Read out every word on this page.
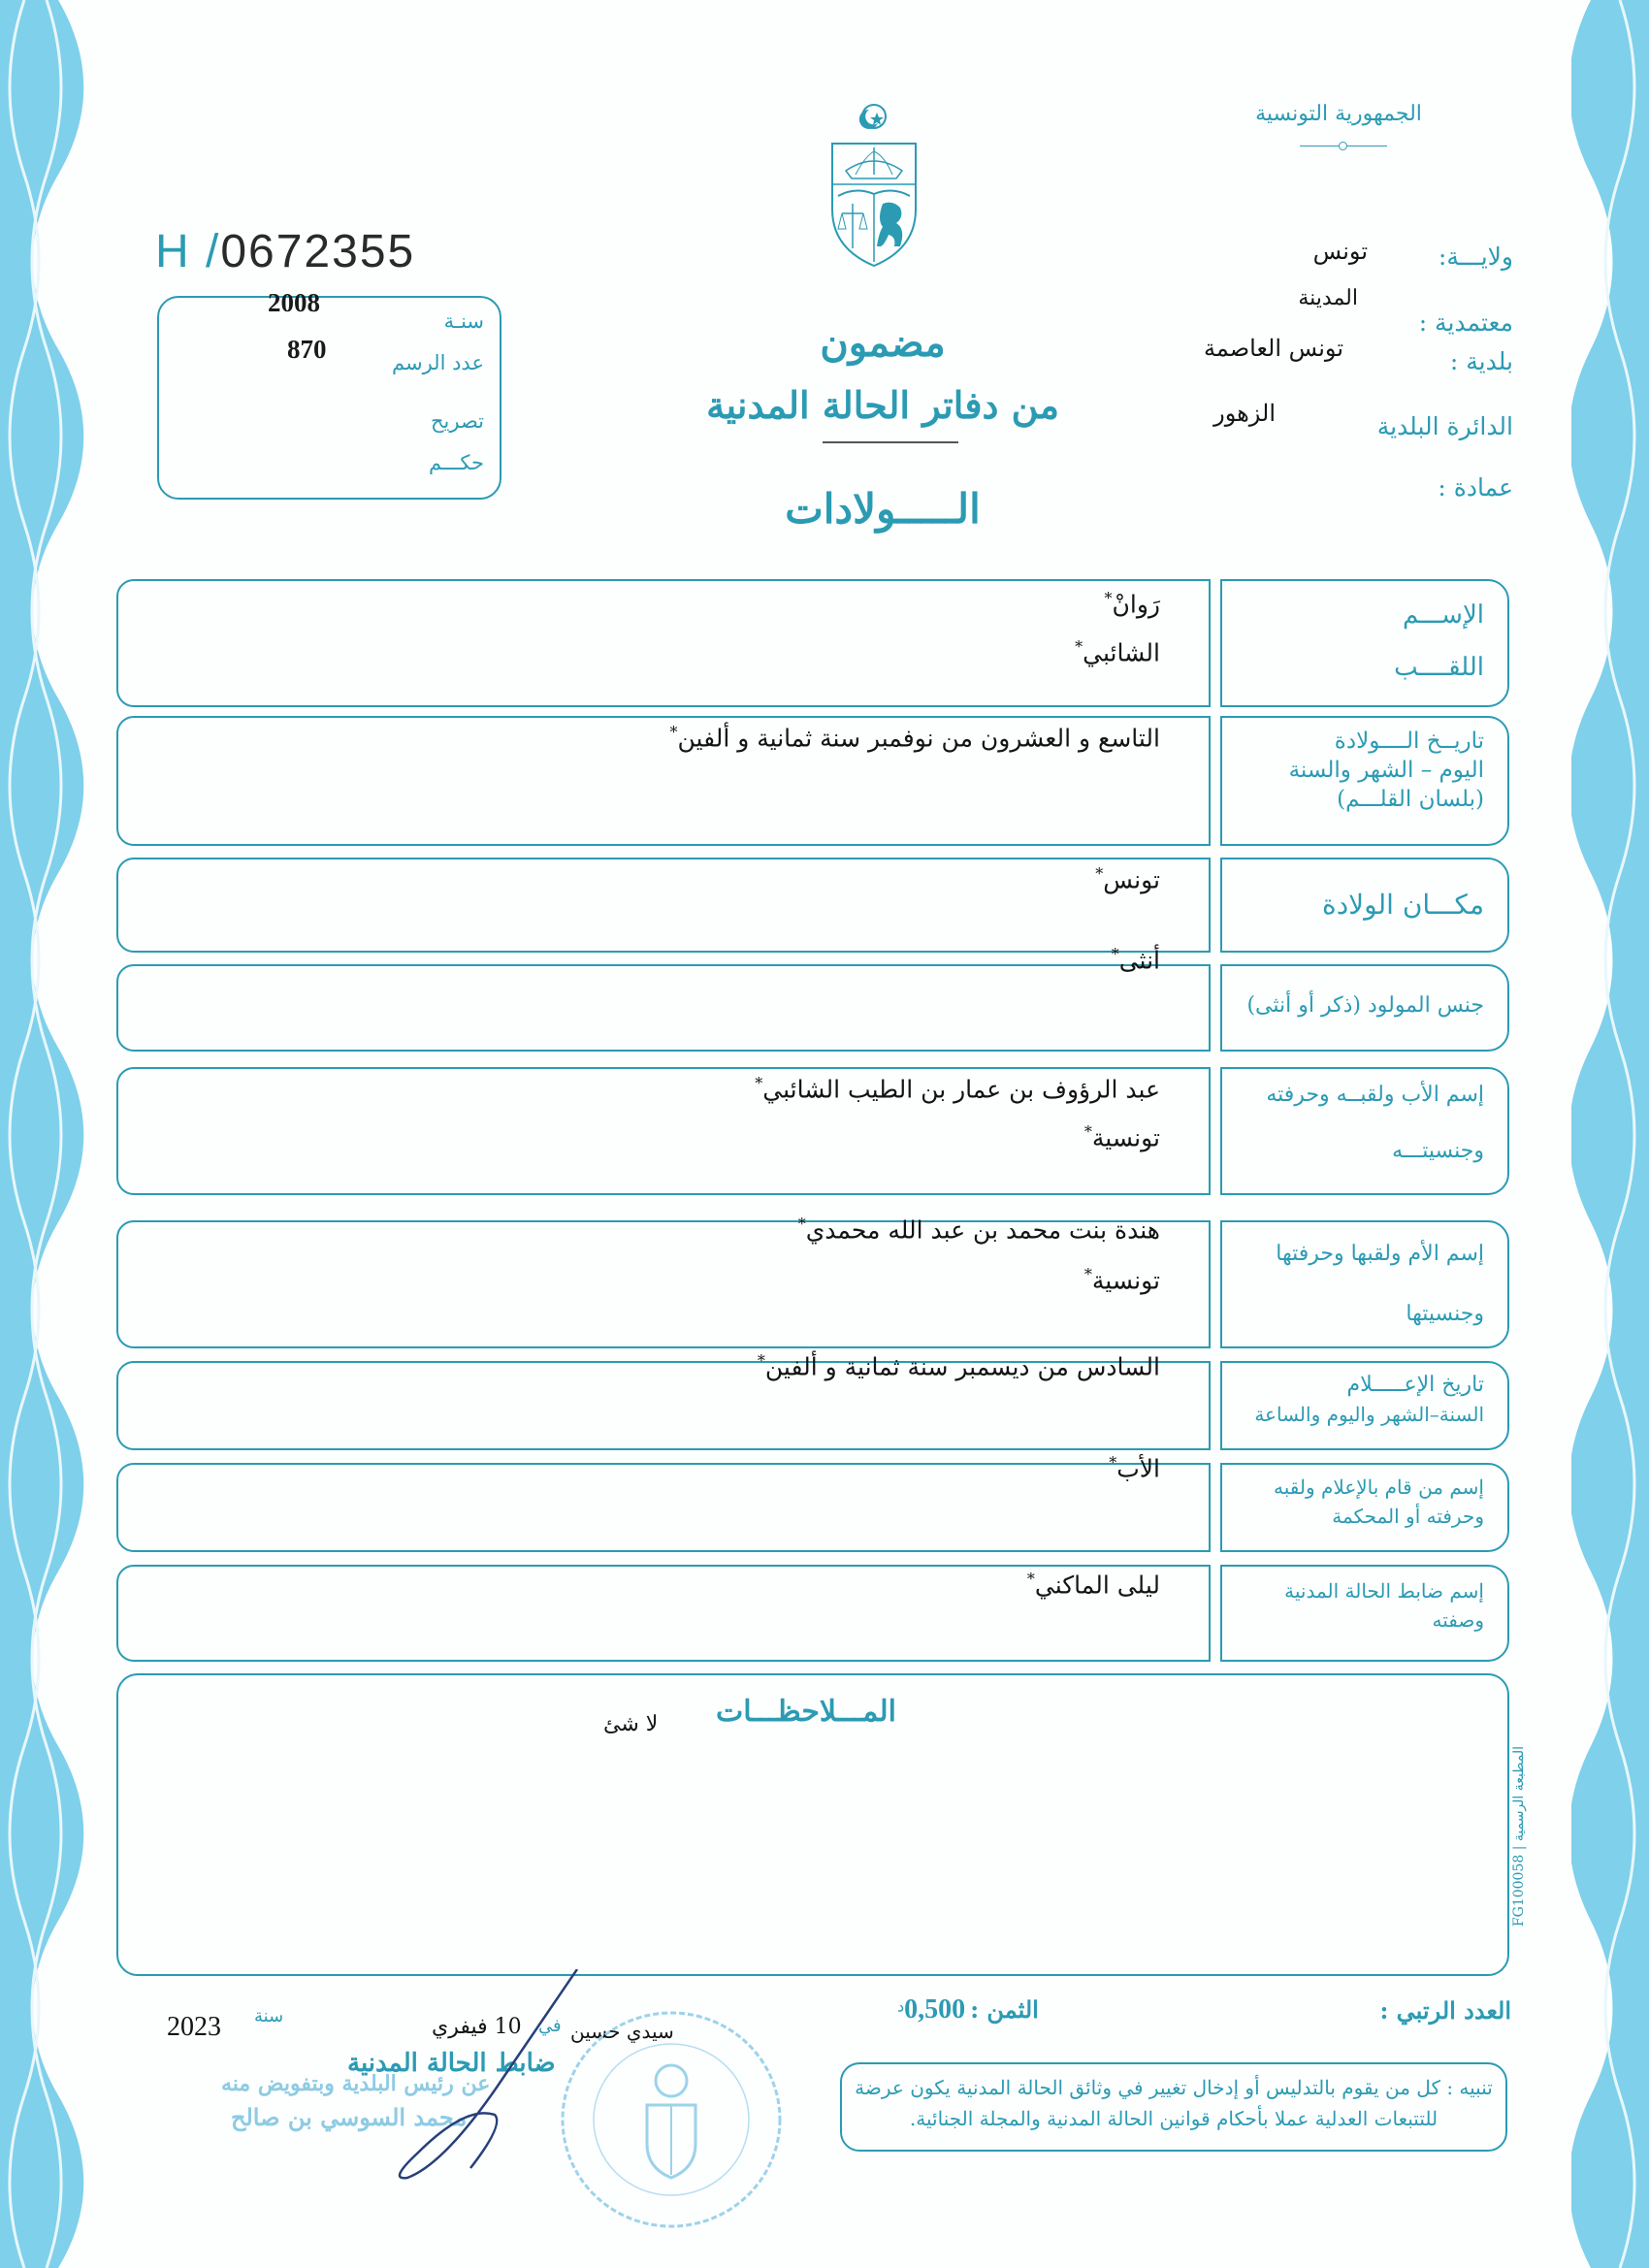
الجمهورية التونسية
ولايـــة:
تونس
معتمدية :
المدينة
بلدية :
تونس العاصمة
الدائرة البلدية
الزهور
عمادة :
H /0672355
سنـة
2008
عدد الرسم
870
تصريح
حكـــم
مضمون
من دفاتر الحالة المدنية
الـــــولادات
رَوانْ*
الشائبي*
الإســـم
اللقــــب
التاسع و العشرون من نوفمبر سنة ثمانية و ألفين*	تاريــخ الــــولادة
اليوم – الشهر والسنة
(بلسان القلـــم)
تونس*
مكـــان الولادة
أنثى*
جنس المولود (ذكر أو أنثى)
عبد الرؤوف بن عمار بن الطيب الشائبي*
تونسية*
إسم الأب ولقبــه وحرفته
وجنسيتـــه
هندة بنت محمد بن عبد الله محمدي*
تونسية*
إسم الأم ولقبها وحرفتها
وجنسيتها
السادس من ديسمبر سنة ثمانية و ألفين*
تاريخ الإعـــــلام
السنة–الشهر واليوم والساعة
الأب*
إسم من قام بالإعلام ولقبه
وحرفته أو المحكمة
ليلى الماكني*
إسم ضابط الحالة المدنية
وصفته
المـــلاحظـــات
لا شئ
المطبعة الرسمية | FG100058
العدد الرتبي :
الثمن : $0,500^د$
تنبيه : كل من يقوم بالتدليس أو إدخال تغيير في وثائق الحالة المدنية يكون عرضة للتتبعات العدلية عملا بأحكام قوانين الحالة المدنية والمجلة الجنائية.
سيدي حسين
في
10 فيفري
سنة
2023
ضابط الحالة المدنية
عن رئيس البلدية وبتفويض منه
محمد السوسي بن صالح
